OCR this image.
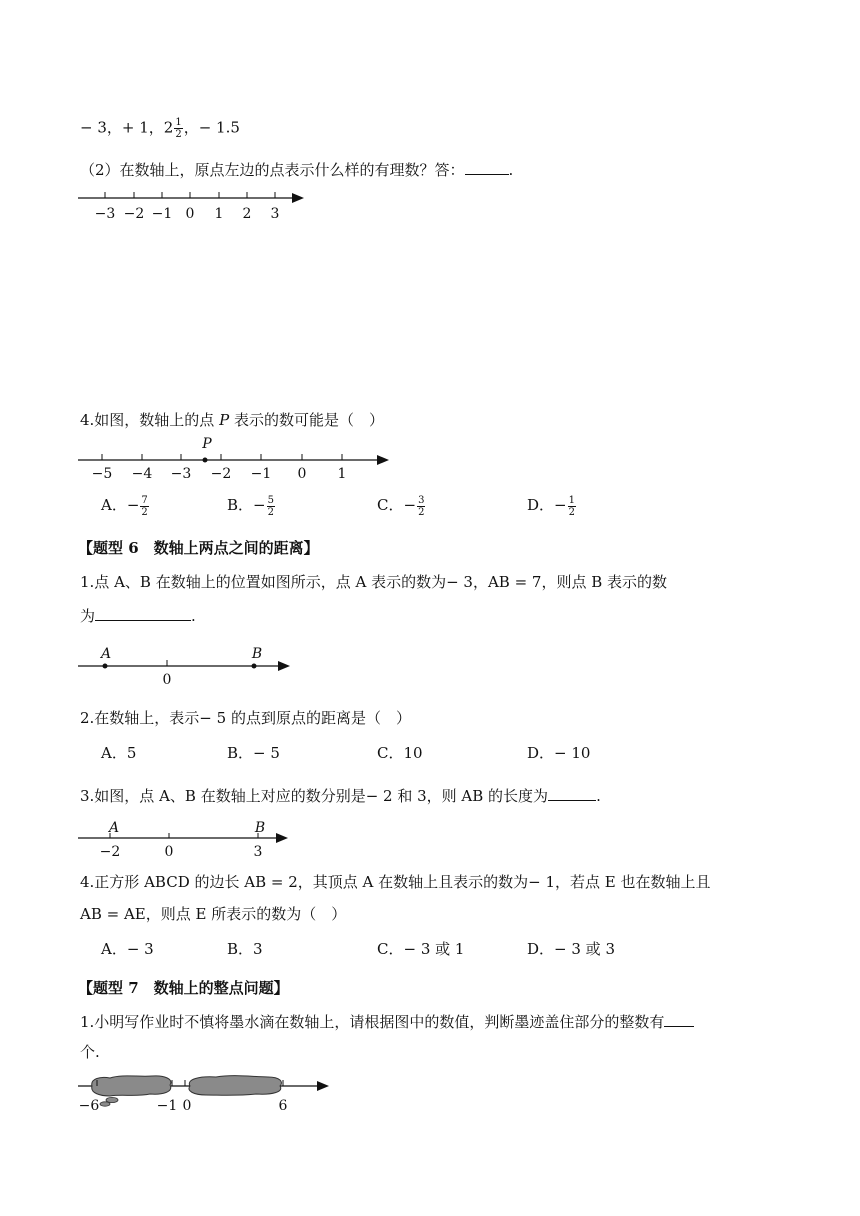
− 3，+ 1，$2 \frac{1}{2}$ ，− 1.5
（2）在数轴上，原点左边的点表示什么样的有理数？答：	.
−3 −2 −1 0 1 2 3
4.如图，数轴上的点 P 表示的数可能是（　）
P
−5 −4 −3 −2 −1 0 1
A．− $\frac{7}{2}$	B．− $\frac{5}{2}$	C．− $\frac{3}{2}$	D．− $\frac{1}{2}$
【题型 6　数轴上两点之间的距离】
1.点 A、B 在数轴上的位置如图所示，点 A 表示的数为− 3，AB = 7，则点 B 表示的数
为	.
A	B
0
2.在数轴上，表示− 5 的点到原点的距离是（　）
A．5	B．− 5	C．10	D．− 10
3.如图，点 A、B 在数轴上对应的数分别是− 2 和 3，则 AB 的长度为	.
A	B
−2	0	3
4.正方形 ABCD 的边长 AB = 2，其顶点 A 在数轴上且表示的数为− 1，若点 E 也在数轴上且
AB = AE，则点 E 所表示的数为（　）
A．− 3	B．3	C．− 3 或 1	D．− 3 或 3
【题型 7　数轴上的整点问题】
1.小明写作业时不慎将墨水滴在数轴上，请根据图中的数值，判断墨迹盖住部分的整数有
个.
−6	−1 0	6
